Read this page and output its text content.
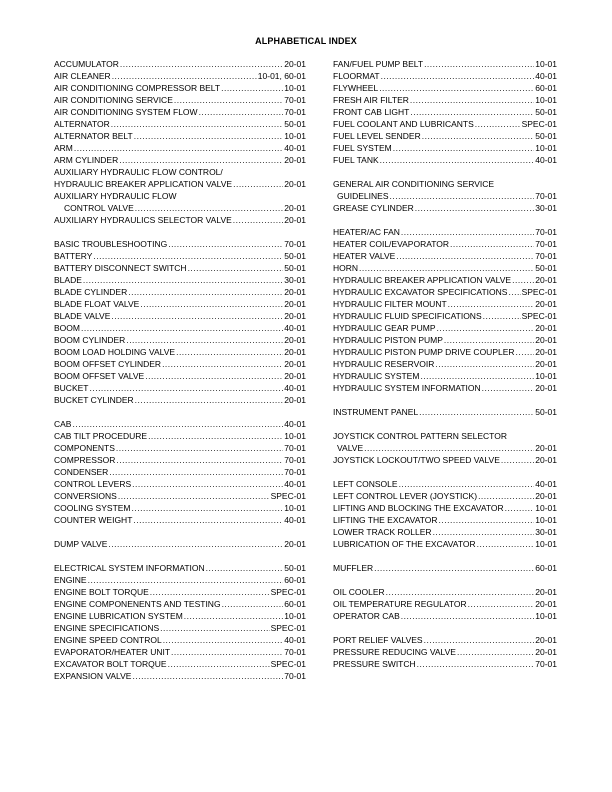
ALPHABETICAL INDEX
ACCUMULATOR .....	20-01
AIR CLEANER .....	10-01, 60-01
AIR CONDITIONING COMPRESSOR BELT .....	10-01
AIR CONDITIONING SERVICE .....	70-01
AIR CONDITIONING SYSTEM FLOW .....	70-01
ALTERNATOR .....	50-01
ALTERNATOR BELT .....	10-01
ARM .....	40-01
ARM CYLINDER .....	20-01
AUXILIARY HYDRAULIC FLOW CONTROL/
HYDRAULIC BREAKER APPLICATION VALVE .....	20-01
AUXILIARY HYDRAULIC FLOW
CONTROL VALVE .....	20-01
AUXILIARY HYDRAULICS SELECTOR VALVE .....	20-01
BASIC TROUBLESHOOTING .....	70-01
BATTERY .....	50-01
BATTERY DISCONNECT SWITCH .....	50-01
BLADE .....	30-01
BLADE CYLINDER .....	20-01
BLADE FLOAT VALVE .....	20-01
BLADE VALVE .....	20-01
BOOM .....	40-01
BOOM CYLINDER .....	20-01
BOOM LOAD HOLDING VALVE .....	20-01
BOOM OFFSET CYLINDER .....	20-01
BOOM OFFSET VALVE .....	20-01
BUCKET .....	40-01
BUCKET CYLINDER .....	20-01
CAB .....	40-01
CAB TILT PROCEDURE .....	10-01
COMPONENTS .....	70-01
COMPRESSOR .....	70-01
CONDENSER .....	70-01
CONTROL LEVERS .....	40-01
CONVERSIONS .....	SPEC-01
COOLING SYSTEM .....	10-01
COUNTER WEIGHT .....	40-01
DUMP VALVE .....	20-01
ELECTRICAL SYSTEM INFORMATION .....	50-01
ENGINE .....	60-01
ENGINE BOLT TORQUE .....	SPEC-01
ENGINE COMPONENENTS AND TESTING .....	60-01
ENGINE LUBRICATION SYSTEM .....	10-01
ENGINE SPECIFICATIONS .....	SPEC-01
ENGINE SPEED CONTROL .....	40-01
EVAPORATOR/HEATER UNIT .....	70-01
EXCAVATOR BOLT TORQUE .....	SPEC-01
EXPANSION VALVE .....	70-01
FAN/FUEL PUMP BELT .....	10-01
FLOORMAT .....	40-01
FLYWHEEL .....	60-01
FRESH AIR FILTER .....	10-01
FRONT CAB LIGHT .....	50-01
FUEL COOLANT AND LUBRICANTS .....	SPEC-01
FUEL LEVEL SENDER .....	50-01
FUEL SYSTEM .....	10-01
FUEL TANK .....	40-01
GENERAL AIR CONDITIONING SERVICE
GUIDELINES .....	70-01
GREASE CYLINDER .....	30-01
HEATER/AC FAN .....	70-01
HEATER COIL/EVAPORATOR .....	70-01
HEATER VALVE .....	70-01
HORN .....	50-01
HYDRAULIC BREAKER APPLICATION VALVE .....	20-01
HYDRAULIC EXCAVATOR SPECIFICATIONS ..... SPEC-01
HYDRAULIC FILTER MOUNT .....	20-01
HYDRAULIC FLUID SPECIFICATIONS .....	SPEC-01
HYDRAULIC GEAR PUMP .....	20-01
HYDRAULIC PISTON PUMP .....	20-01
HYDRAULIC PISTON PUMP DRIVE COUPLER ..... 20-01
HYDRAULIC RESERVOIR .....	20-01
HYDRAULIC SYSTEM .....	10-01
HYDRAULIC SYSTEM INFORMATION .....	20-01
INSTRUMENT PANEL .....	50-01
JOYSTICK CONTROL PATTERN SELECTOR
VALVE .....	20-01
JOYSTICK LOCKOUT/TWO SPEED VALVE .....	20-01
LEFT CONSOLE .....	40-01
LEFT CONTROL LEVER (JOYSTICK) .....	20-01
LIFTING AND BLOCKING THE EXCAVATOR .....	10-01
LIFTING THE EXCAVATOR .....	10-01
LOWER TRACK ROLLER .....	30-01
LUBRICATION OF THE EXCAVATOR .....	10-01
MUFFLER .....	60-01
OIL COOLER .....	20-01
OIL TEMPERATURE REGULATOR .....	20-01
OPERATOR CAB .....	10-01
PORT RELIEF VALVES .....	20-01
PRESSURE REDUCING VALVE .....	20-01
PRESSURE SWITCH .....	70-01
